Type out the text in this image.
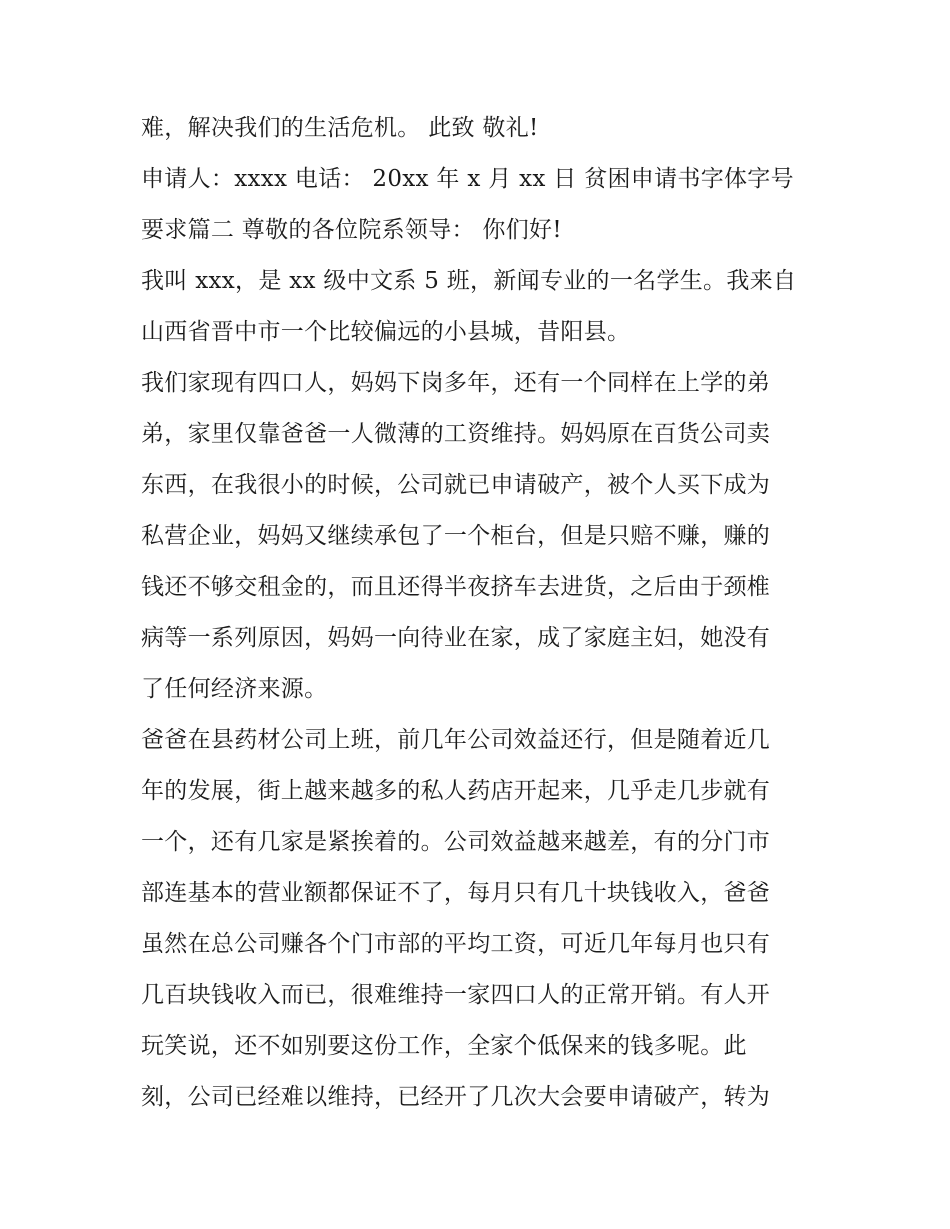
难，解决我们的生活危机。 此致 敬礼!
申请人：xxxx 电话： 20xx 年 x 月 xx 日 贫困申请书字体字号
要求篇二 尊敬的各位院系领导： 你们好!
我叫 xxx，是 xx 级中文系 5 班，新闻专业的一名学生。我来自
山西省晋中市一个比较偏远的小县城，昔阳县。
我们家现有四口人，妈妈下岗多年，还有一个同样在上学的弟
弟，家里仅靠爸爸一人微薄的工资维持。妈妈原在百货公司卖
东西，在我很小的时候，公司就已申请破产，被个人买下成为
私营企业，妈妈又继续承包了一个柜台，但是只赔不赚，赚的
钱还不够交租金的，而且还得半夜挤车去进货，之后由于颈椎
病等一系列原因，妈妈一向待业在家，成了家庭主妇，她没有
了任何经济来源。
爸爸在县药材公司上班，前几年公司效益还行，但是随着近几
年的发展，街上越来越多的私人药店开起来，几乎走几步就有
一个，还有几家是紧挨着的。公司效益越来越差，有的分门市
部连基本的营业额都保证不了，每月只有几十块钱收入，爸爸
虽然在总公司赚各个门市部的平均工资，可近几年每月也只有
几百块钱收入而已，很难维持一家四口人的正常开销。有人开
玩笑说，还不如别要这份工作，全家个低保来的钱多呢。此
刻，公司已经难以维持，已经开了几次大会要申请破产，转为
